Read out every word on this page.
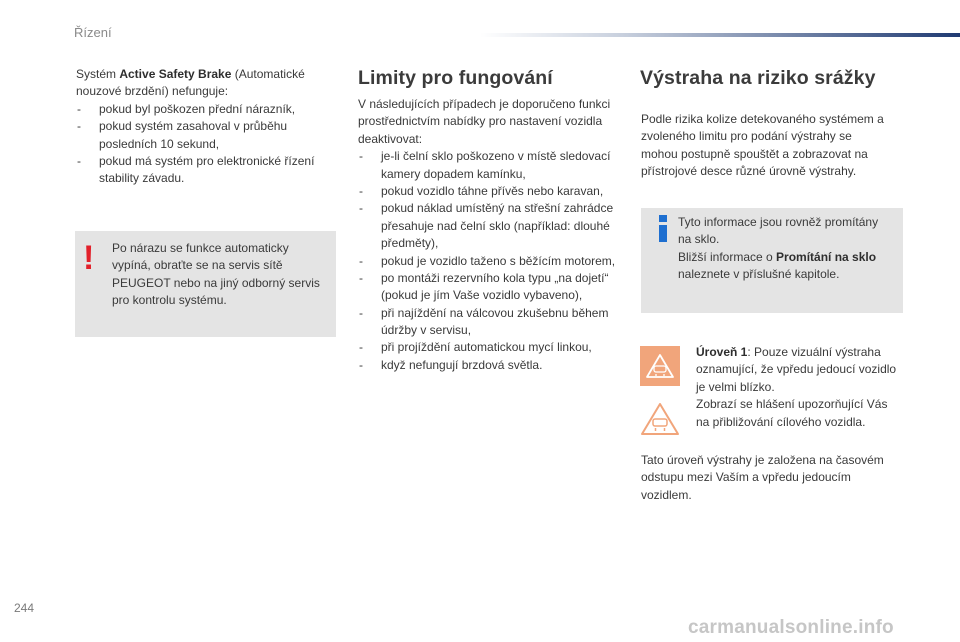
Řízení

Systém Active Safety Brake (Automatické nouzové brzdění) nefunguje:

- pokud byl poškozen přední nárazník,
- pokud systém zasahoval v průběhu posledních 10 sekund,
- pokud má systém pro elektronické řízení stability závadu.
! Po nárazu se funkce automaticky vypíná, obraťte se na servis sítě PEUGEOT nebo na jiný odborný servis pro kontrolu systému.

Limity pro fungování

V následujících případech je doporučeno funkci prostřednictvím nabídky pro nastavení vozidla deaktivovat:

- je-li čelní sklo poškozeno v místě sledovací kamery dopadem kamínku,
- pokud vozidlo táhne přívěs nebo karavan,
- pokud náklad umístěný na střešní zahrádce přesahuje nad čelní sklo (například: dlouhé předměty),
- pokud je vozidlo taženo s běžícím motorem,
- po montáži rezervního kola typu „na dojetí“ (pokud je jím Vaše vozidlo vybaveno),
- při najíždění na válcovou zkušebnu během údržby v servisu,
- při projíždění automatickou mycí linkou,
- když nefungují brzdová světla.
Výstraha na riziko srážky

Podle rizika kolize detekovaného systémem a zvoleného limitu pro podání výstrahy se mohou postupně spouštět a zobrazovat na přístrojové desce různé úrovně výstrahy.

Tyto informace jsou rovněž promítány na sklo.

Bližší informace o Promítání na sklo naleznete v příslušné kapitole.

Úroveň 1: Pouze vizuální výstraha oznamující, že vpředu jedoucí vozidlo je velmi blízko.

Zobrazí se hlášení upozorňující Vás na přibližování cílového vozidla.

Tato úroveň výstrahy je založena na časovém odstupu mezi Vaším a vpředu jedoucím vozidlem.

244
carmanualsonline.info
